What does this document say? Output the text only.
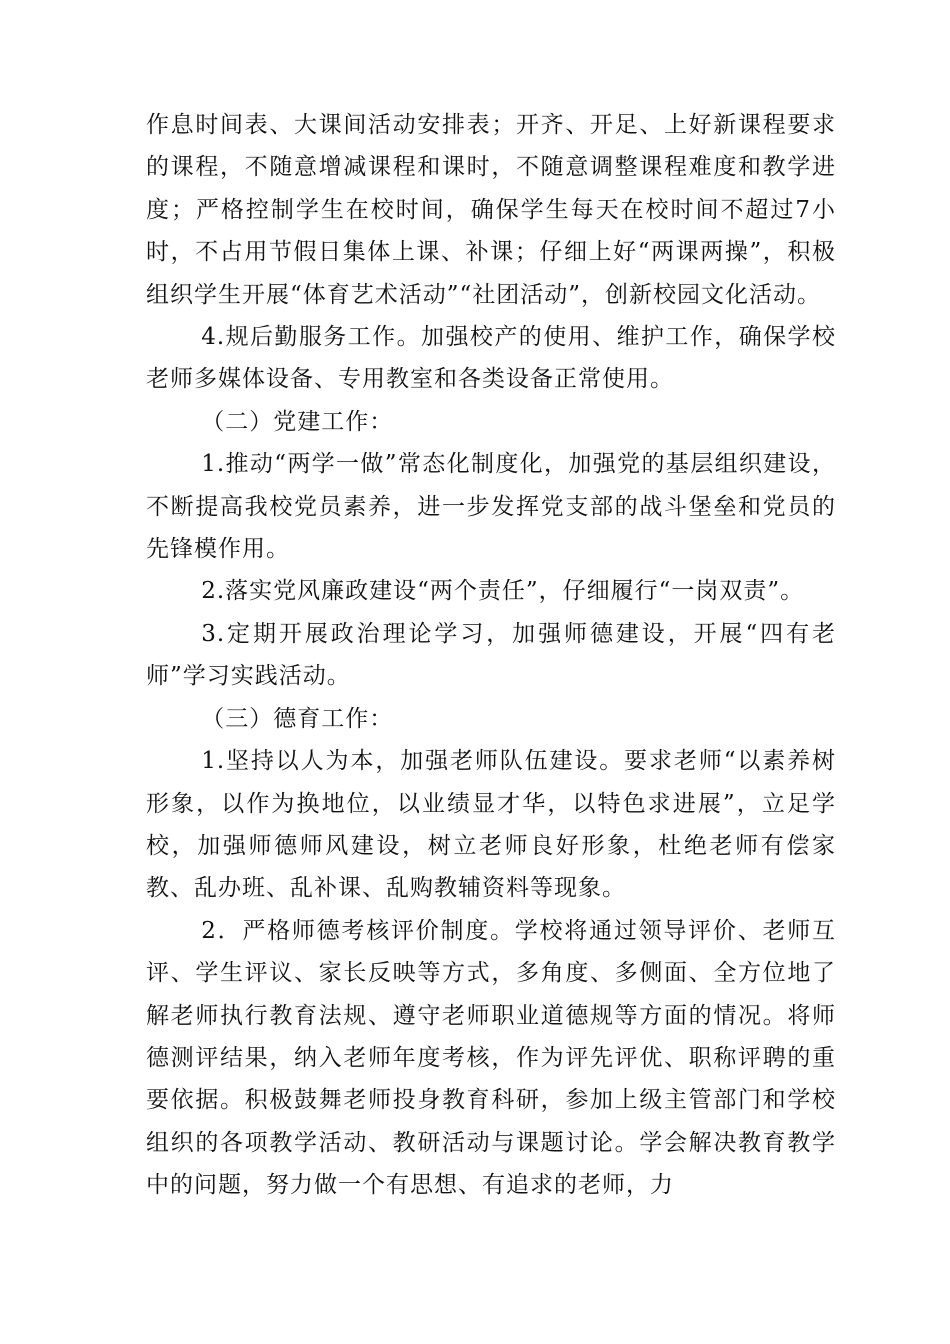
作息时间表、大课间活动安排表；开齐、开足、上好新课程要求的课程，不随意增减课程和课时，不随意调整课程难度和教学进度；严格控制学生在校时间，确保学生每天在校时间不超过7小时，不占用节假日集体上课、补课；仔细上好“两课两操”，积极组织学生开展“体育艺术活动”“社团活动”，创新校园文化活动。

4.规后勤服务工作。加强校产的使用、维护工作，确保学校老师多媒体设备、专用教室和各类设备正常使用。

（二）党建工作：

1.推动“两学一做”常态化制度化，加强党的基层组织建设，不断提高我校党员素养，进一步发挥党支部的战斗堡垒和党员的先锋模作用。

2.落实党风廉政建设“两个责任”，仔细履行“一岗双责”。

3.定期开展政治理论学习，加强师德建设，开展“四有老师”学习实践活动。

（三）德育工作：

1.坚持以人为本，加强老师队伍建设。要求老师“以素养树形象，以作为换地位，以业绩显才华，以特色求进展”，立足学校，加强师德师风建设，树立老师良好形象，杜绝老师有偿家教、乱办班、乱补课、乱购教辅资料等现象。

2．严格师德考核评价制度。学校将通过领导评价、老师互评、学生评议、家长反映等方式，多角度、多侧面、全方位地了解老师执行教育法规、遵守老师职业道德规等方面的情况。将师德测评结果，纳入老师年度考核，作为评先评优、职称评聘的重要依据。积极鼓舞老师投身教育科研，参加上级主管部门和学校组织的各项教学活动、教研活动与课题讨论。学会解决教育教学中的问题，努力做一个有思想、有追求的老师，力
